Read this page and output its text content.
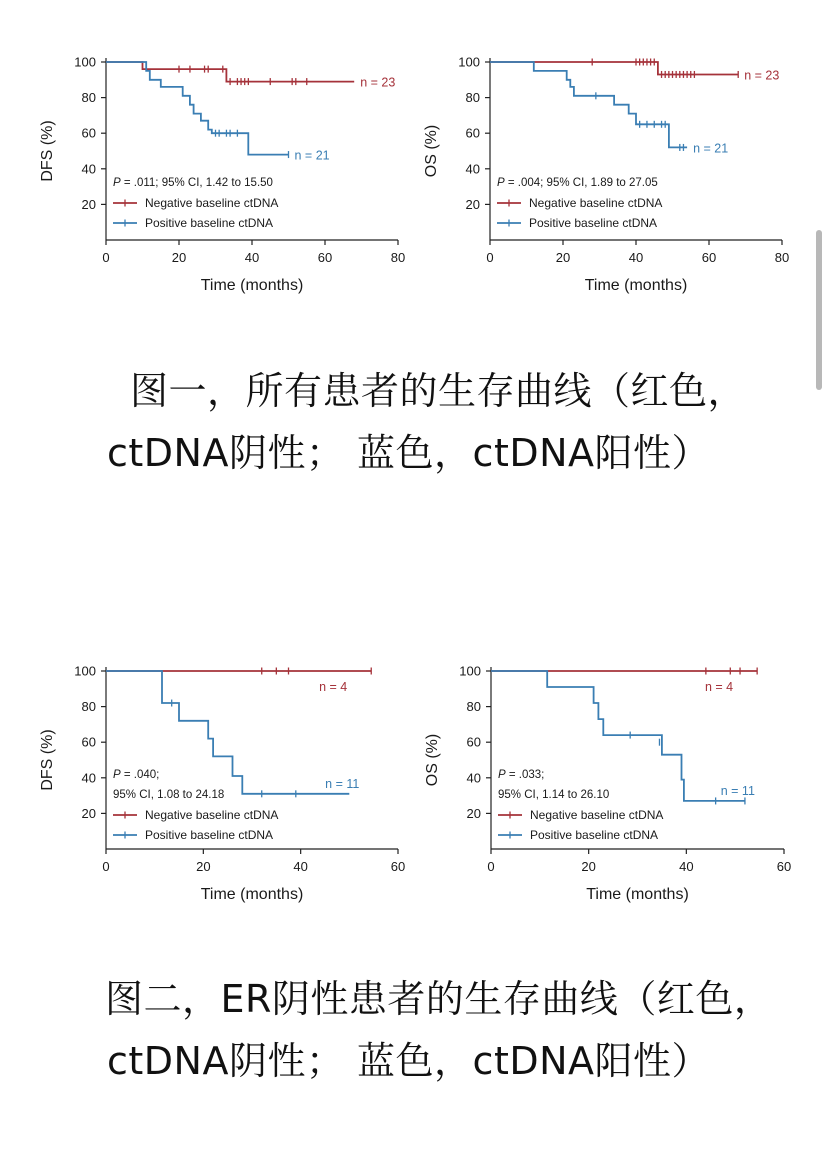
20
40
60
80
100
0	20	40	60	80
Time (months)
DFS (%)
n = 23
n = 21
P = .011; 95% CI, 1.42 to 15.50
Negative baseline ctDNA
Positive baseline ctDNA
20
40
60
80
100
0	20	40	60	80
Time (months)
OS (%)
n = 23
n = 21
P = .004; 95% CI, 1.89 to 27.05
Negative baseline ctDNA
Positive baseline ctDNA
图一，所有患者的生存曲线（红色，
ctDNA阴性； 蓝色，ctDNA阳性）
20
40
60
80
100
0	20	40	60
Time (months)
DFS (%)
n = 4
n = 11
P = .040;
95% CI, 1.08 to 24.18
Negative baseline ctDNA
Positive baseline ctDNA
20
40
60
80
100
0	20	40	60
Time (months)
OS (%)
n = 4
n = 11
P = .033;
95% CI, 1.14 to 26.10
Negative baseline ctDNA
Positive baseline ctDNA
图二，ER阴性患者的生存曲线（红色，
ctDNA阴性； 蓝色，ctDNA阳性）
